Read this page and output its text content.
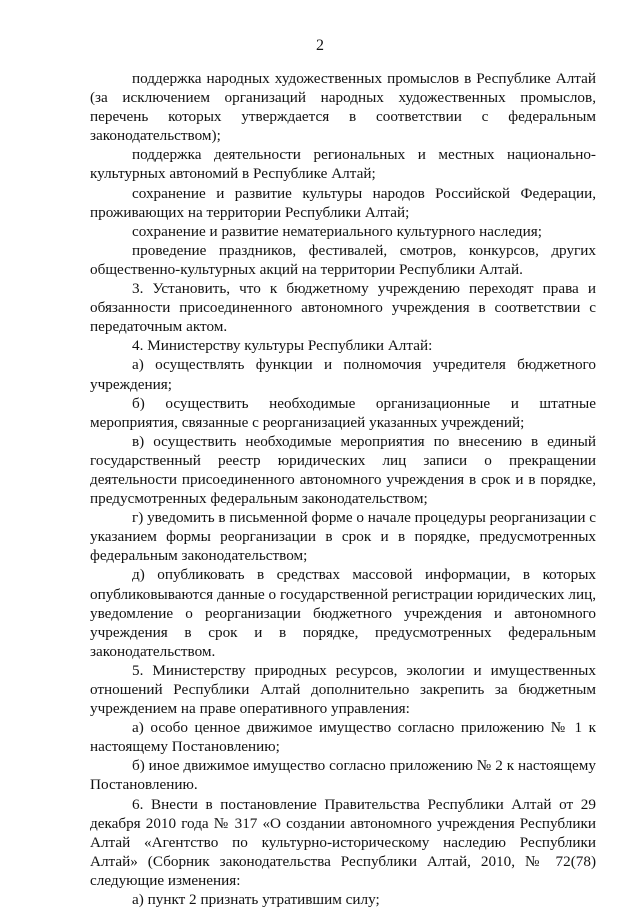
2

поддержка народных художественных промыслов в Республике Алтай (за исключением организаций народных художественных промыслов, перечень которых утверждается в соответствии с федеральным законодательством);

поддержка деятельности региональных и местных национально-культурных автономий в Республике Алтай;

сохранение и развитие культуры народов Российской Федерации, проживающих на территории Республики Алтай;

сохранение и развитие нематериального культурного наследия;

проведение праздников, фестивалей, смотров, конкурсов, других общественно-культурных акций на территории Республики Алтай.

3. Установить, что к бюджетному учреждению переходят права и обязанности присоединенного автономного учреждения в соответствии с передаточным актом.

4. Министерству культуры Республики Алтай:

а) осуществлять функции и полномочия учредителя бюджетного учреждения;

б) осуществить необходимые организационные и штатные мероприятия, связанные с реорганизацией указанных учреждений;

в) осуществить необходимые мероприятия по внесению в единый государственный реестр юридических лиц записи о прекращении деятельности присоединенного автономного учреждения в срок и в порядке, предусмотренных федеральным законодательством;

г) уведомить в письменной форме о начале процедуры реорганизации с указанием формы реорганизации в срок и в порядке, предусмотренных федеральным законодательством;

д) опубликовать в средствах массовой информации, в которых опубликовываются данные о государственной регистрации юридических лиц, уведомление о реорганизации бюджетного учреждения и автономного учреждения в срок и в порядке, предусмотренных федеральным законодательством.

5. Министерству природных ресурсов, экологии и имущественных отношений Республики Алтай дополнительно закрепить за бюджетным учреждением на праве оперативного управления:

а) особо ценное движимое имущество согласно приложению № 1 к настоящему Постановлению;

б) иное движимое имущество согласно приложению № 2 к настоящему Постановлению.

6. Внести в постановление Правительства Республики Алтай от 29 декабря 2010 года № 317 «О создании автономного учреждения Республики Алтай «Агентство по культурно-историческому наследию Республики Алтай» (Сборник законодательства Республики Алтай, 2010, № 72(78) следующие изменения:

а) пункт 2 признать утратившим силу;
